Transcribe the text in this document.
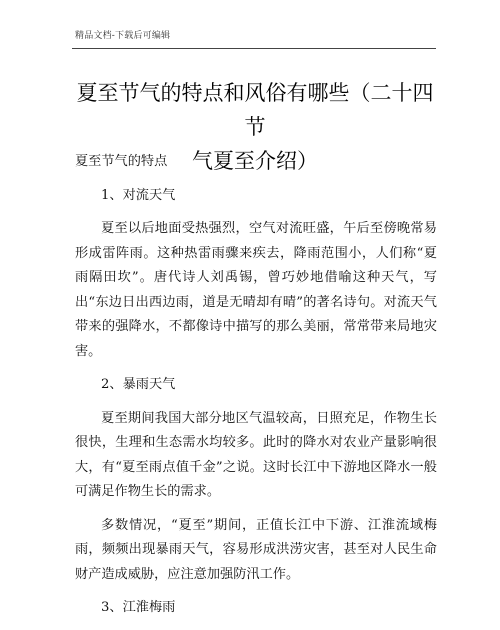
精品文档-下载后可编辑
夏至节气的特点和风俗有哪些（二十四节
气夏至介绍）

夏至节气的特点

1、对流天气

夏至以后地面受热强烈，空气对流旺盛，午后至傍晚常易形成雷阵雨。这种热雷雨骤来疾去，降雨范围小，人们称“夏雨隔田坎”。唐代诗人刘禹锡，曾巧妙地借喻这种天气，写出“东边日出西边雨，道是无晴却有晴”的著名诗句。对流天气带来的强降水，不都像诗中描写的那么美丽，常常带来局地灾害。

2、暴雨天气

夏至期间我国大部分地区气温较高，日照充足，作物生长很快，生理和生态需水均较多。此时的降水对农业产量影响很大，有“夏至雨点值千金”之说。这时长江中下游地区降水一般可满足作物生长的需求。

多数情况，“夏至”期间，正值长江中下游、江淮流域梅雨，频频出现暴雨天气，容易形成洪涝灾害，甚至对人民生命财产造成威胁，应注意加强防汛工作。

3、江淮梅雨
